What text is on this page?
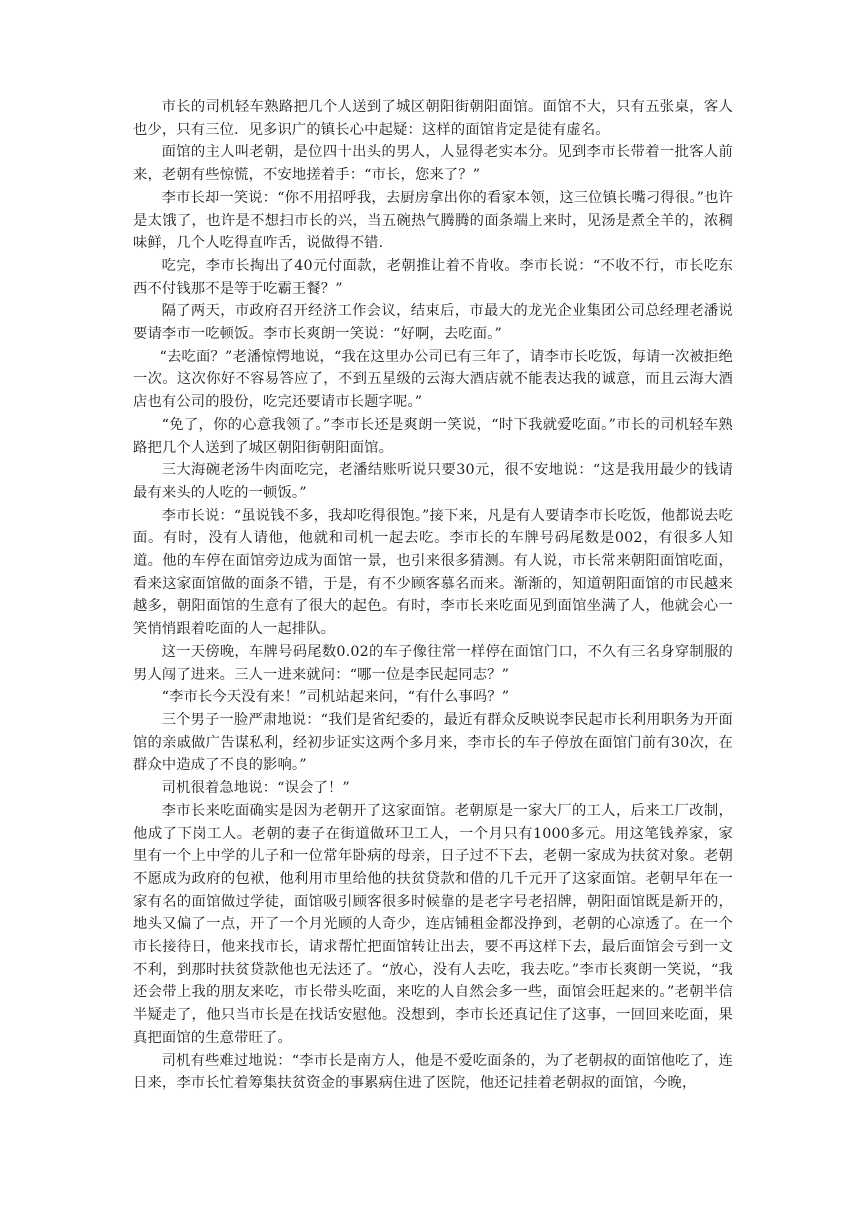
市长的司机轻车熟路把几个人送到了城区朝阳街朝阳面馆。面馆不大，只有五张桌，客人也少，只有三位．见多识广的镇长心中起疑：这样的面馆肯定是徒有虚名。

面馆的主人叫老朝，是位四十出头的男人，人显得老实本分。见到李市长带着一批客人前来，老朝有些惊慌，不安地搓着手：“市长，您来了？”

李市长却一笑说：“你不用招呼我，去厨房拿出你的看家本领，这三位镇长嘴刁得很。”也许是太饿了，也许是不想扫市长的兴，当五碗热气腾腾的面条端上来时，见汤是煮全羊的，浓稠味鲜，几个人吃得直咋舌，说做得不错.

吃完，李市长掏出了40元付面款，老朝推让着不肯收。李市长说：“不收不行，市长吃东西不付钱那不是等于吃霸王餐？”

隔了两天，市政府召开经济工作会议，结束后，市最大的龙光企业集团公司总经理老潘说要请李市一吃顿饭。李市长爽朗一笑说：“好啊，去吃面。”

“去吃面？”老潘惊愕地说，“我在这里办公司已有三年了，请李市长吃饭，每请一次被拒绝一次。这次你好不容易答应了，不到五星级的云海大酒店就不能表达我的诚意，而且云海大酒店也有公司的股份，吃完还要请市长题字呢。”

“免了，你的心意我领了。”李市长还是爽朗一笑说，“时下我就爱吃面。”市长的司机轻车熟路把几个人送到了城区朝阳街朝阳面馆。

三大海碗老汤牛肉面吃完，老潘结账听说只要30元，很不安地说：“这是我用最少的钱请最有来头的人吃的一顿饭。”

李市长说：“虽说钱不多，我却吃得很饱。”接下来，凡是有人要请李市长吃饭，他都说去吃面。有时，没有人请他，他就和司机一起去吃。李市长的车牌号码尾数是002，有很多人知道。他的车停在面馆旁边成为面馆一景，也引来很多猜测。有人说，市长常来朝阳面馆吃面，看来这家面馆做的面条不错，于是，有不少顾客慕名而来。渐渐的，知道朝阳面馆的市民越来越多，朝阳面馆的生意有了很大的起色。有时，李市长来吃面见到面馆坐满了人，他就会心一笑悄悄跟着吃面的人一起排队。

这一天傍晚，车牌号码尾数0.02的车子像往常一样停在面馆门口，不久有三名身穿制服的男人闯了进来。三人一进来就问：“哪一位是李民起同志？”

“李市长今天没有来！”司机站起来问，“有什么事吗？”

三个男子一脸严肃地说：“我们是省纪委的，最近有群众反映说李民起市长利用职务为开面馆的亲戚做广告谋私利，经初步证实这两个多月来，李市长的车子停放在面馆门前有30次，在群众中造成了不良的影响。”

司机很着急地说：“误会了！”

李市长来吃面确实是因为老朝开了这家面馆。老朝原是一家大厂的工人，后来工厂改制，他成了下岗工人。老朝的妻子在街道做环卫工人，一个月只有1000多元。用这笔钱养家，家里有一个上中学的儿子和一位常年卧病的母亲，日子过不下去，老朝一家成为扶贫对象。老朝不愿成为政府的包袱，他利用市里给他的扶贫贷款和借的几千元开了这家面馆。老朝早年在一家有名的面馆做过学徒，面馆吸引顾客很多时候靠的是老字号老招牌，朝阳面馆既是新开的，地头又偏了一点，开了一个月光顾的人奇少，连店铺租金都没挣到，老朝的心凉透了。在一个市长接待日，他来找市长，请求帮忙把面馆转让出去，要不再这样下去，最后面馆会亏到一文不利，到那时扶贫贷款他也无法还了。“放心，没有人去吃，我去吃。”李市长爽朗一笑说，“我还会带上我的朋友来吃，市长带头吃面，来吃的人自然会多一些，面馆会旺起来的。”老朝半信半疑走了，他只当市长是在找话安慰他。没想到，李市长还真记住了这事，一回回来吃面，果真把面馆的生意带旺了。

司机有些难过地说：“李市长是南方人，他是不爱吃面条的，为了老朝叔的面馆他吃了，连日来，李市长忙着筹集扶贫资金的事累病住进了医院，他还记挂着老朝叔的面馆，今晚，
